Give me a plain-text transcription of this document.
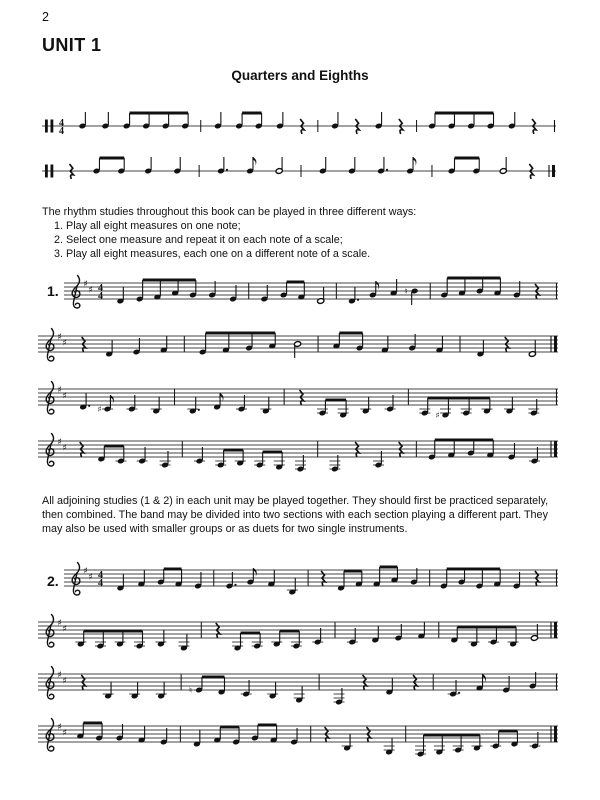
2
UNIT 1
Quarters and Eighths
4
4
The rhythm studies throughout this book can be played in three different ways:
1. Play all eight measures on one note;
2. Select one measure and repeat it on each note of a scale;
3. Play all eight measures, each one on a different note of a scale.
1.	♯
♯ 4
4	♮
♯
♯
♯
♯
♯
♯
♯
♯
All adjoining studies (1 & 2) in each unit may be played together. They should first be practiced separately, then combined. The band may be divided into two sections with each section playing a different part. They may also be used with smaller groups or as duets for two single instruments.
2.
♯
♯ 4
4
♯
♯
♯
♯
♮
♯
♯
